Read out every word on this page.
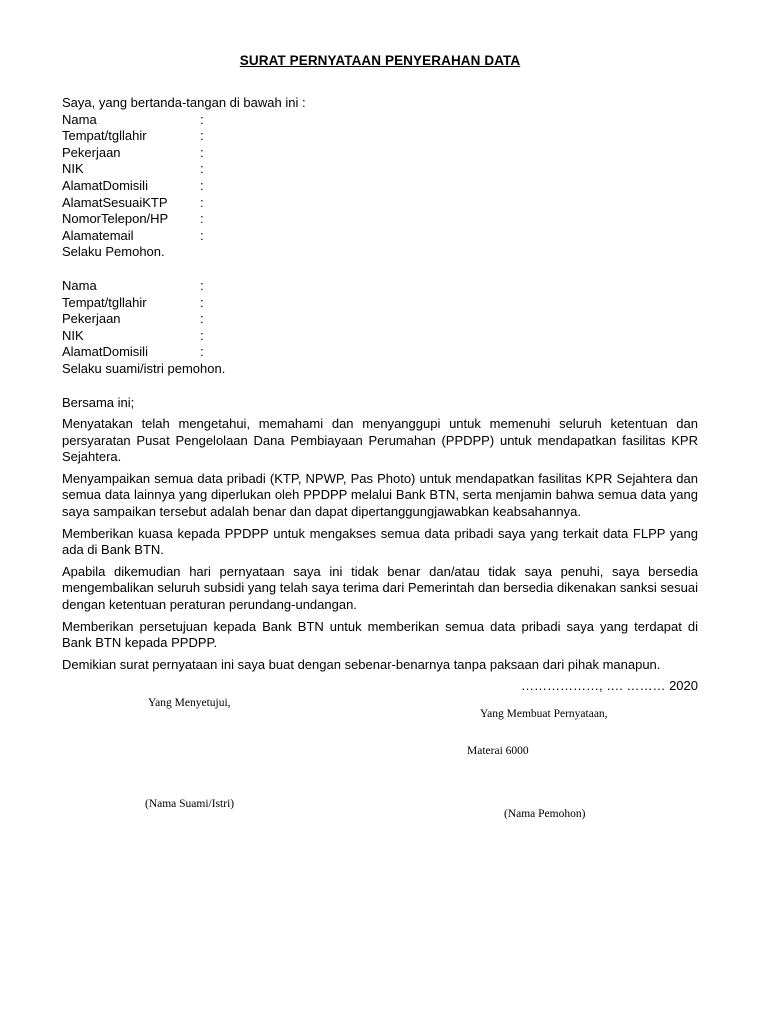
SURAT PERNYATAAN PENYERAHAN DATA
Saya, yang bertanda-tangan di bawah ini :
Nama	:
Tempat/tgllahir	:
Pekerjaan	:
NIK	:
AlamatDomisili	:
AlamatSesuaiKTP	:
NomorTelepon/HP	:
Alamatemail	:
Selaku Pemohon.
Nama	:
Tempat/tgllahir	:
Pekerjaan	:
NIK	:
AlamatDomisili	:
Selaku suami/istri pemohon.
Bersama ini;
Menyatakan telah mengetahui, memahami dan menyanggupi untuk memenuhi seluruh ketentuan dan persyaratan Pusat Pengelolaan Dana Pembiayaan Perumahan (PPDPP) untuk mendapatkan fasilitas KPR Sejahtera.
Menyampaikan semua data pribadi (KTP, NPWP, Pas Photo) untuk mendapatkan fasilitas KPR Sejahtera dan semua data lainnya yang diperlukan oleh PPDPP melalui Bank BTN, serta menjamin bahwa semua data yang saya sampaikan tersebut adalah benar dan dapat dipertanggungjawabkan keabsahannya.
Memberikan kuasa kepada PPDPP untuk mengakses semua data pribadi saya yang terkait data FLPP yang ada di Bank BTN.
Apabila dikemudian hari pernyataan saya ini tidak benar dan/atau tidak saya penuhi, saya bersedia mengembalikan seluruh subsidi yang telah saya terima dari Pemerintah dan bersedia dikenakan sanksi sesuai dengan ketentuan peraturan perundang-undangan.
Memberikan persetujuan kepada Bank BTN untuk memberikan semua data pribadi saya yang terdapat di Bank BTN kepada PPDPP.
Demikian surat pernyataan ini saya buat dengan sebenar-benarnya tanpa paksaan dari pihak manapun.
………………, …. ……… 2020
Yang Menyetujui,
Yang Membuat Pernyataan,
Materai 6000
(Nama Suami/Istri)
(Nama Pemohon)
